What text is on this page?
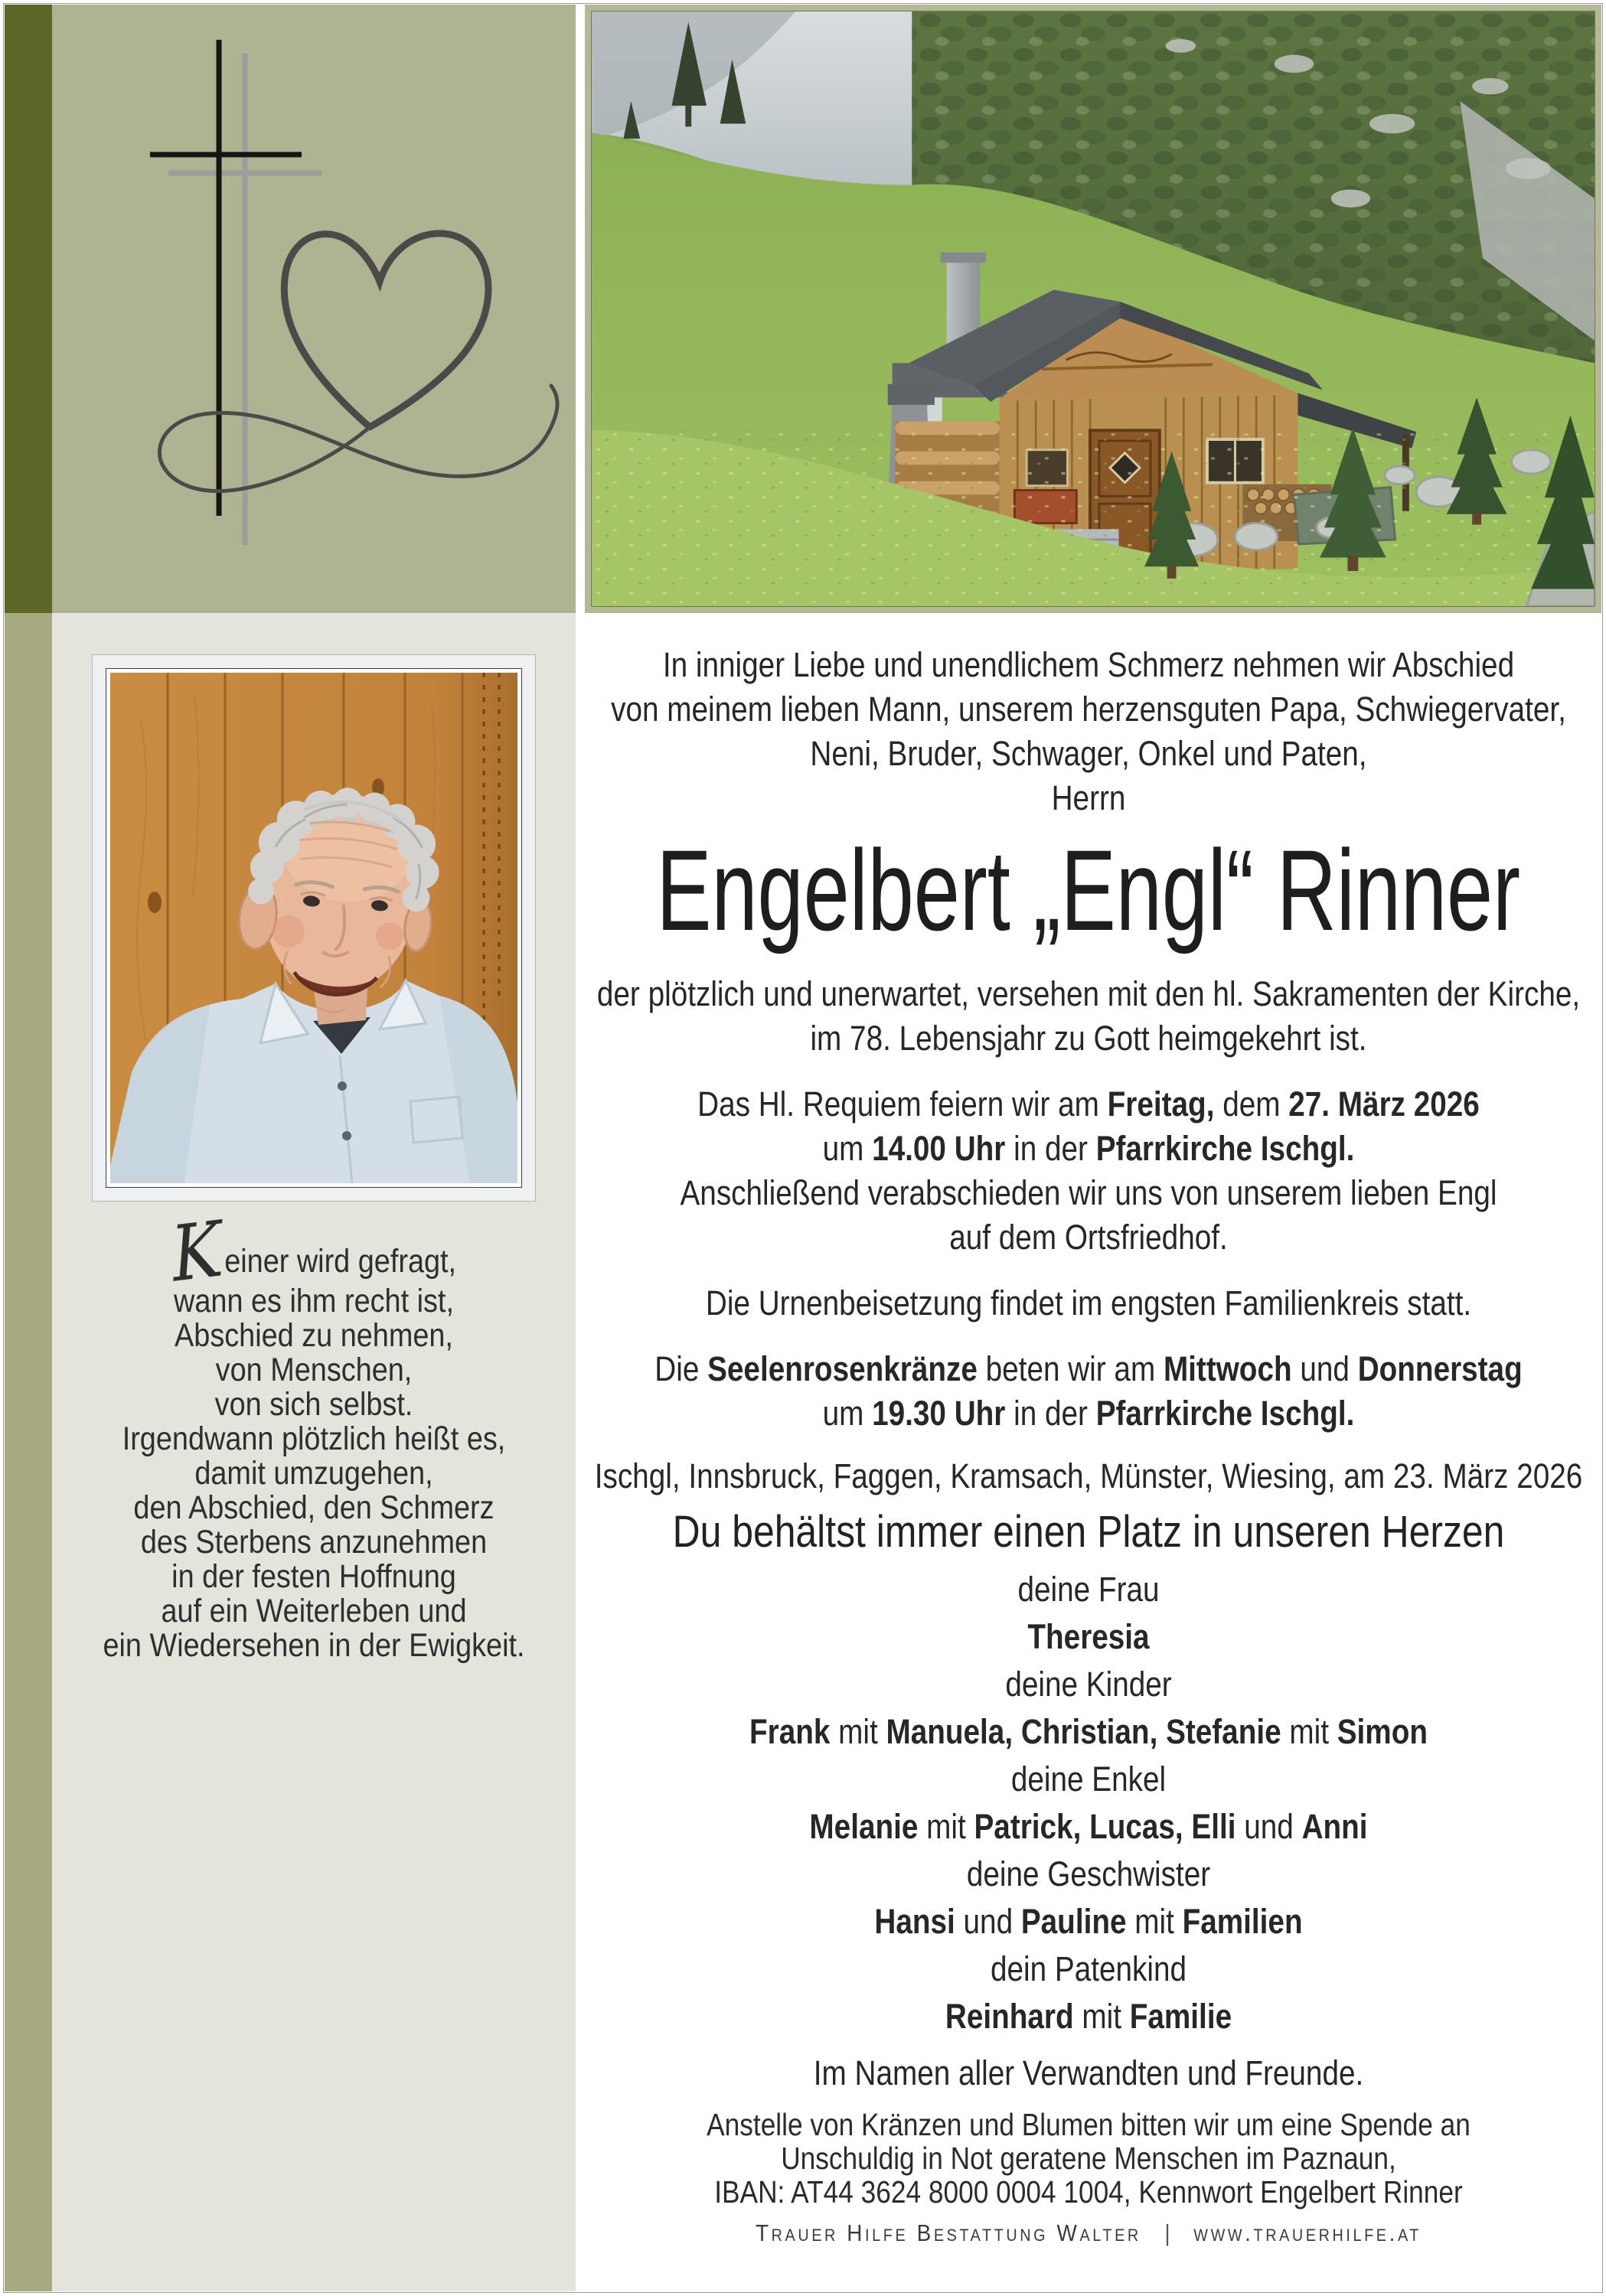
K
einer wird gefragt,
wann es ihm recht ist,
Abschied zu nehmen,
von Menschen,
von sich selbst.
Irgendwann plötzlich heißt es,
damit umzugehen,
den Abschied, den Schmerz
des Sterbens anzunehmen
in der festen Hoffnung
auf ein Weiterleben und
ein Wiedersehen in der Ewigkeit.
In inniger Liebe und unendlichem Schmerz nehmen wir Abschied
von meinem lieben Mann, unserem herzensguten Papa, Schwiegervater,
Neni, Bruder, Schwager, Onkel und Paten,
Herrn
Engelbert „Engl“ Rinner
der plötzlich und unerwartet, versehen mit den hl. Sakramenten der Kirche,
im 78. Lebensjahr zu Gott heimgekehrt ist.
Das Hl. Requiem feiern wir am Freitag, dem 27. März 2026
um 14.00 Uhr in der Pfarrkirche Ischgl.
Anschließend verabschieden wir uns von unserem lieben Engl
auf dem Ortsfriedhof.
Die Urnenbeisetzung findet im engsten Familienkreis statt.
Die Seelenrosenkränze beten wir am Mittwoch und Donnerstag
um 19.30 Uhr in der Pfarrkirche Ischgl.
Ischgl, Innsbruck, Faggen, Kramsach, Münster, Wiesing, am 23. März 2026
Du behältst immer einen Platz in unseren Herzen
deine Frau
Theresia
deine Kinder
Frank mit Manuela, Christian, Stefanie mit Simon
deine Enkel
Melanie mit Patrick, Lucas, Elli und Anni
deine Geschwister
Hansi und Pauline mit Familien
dein Patenkind
Reinhard mit Familie
Im Namen aller Verwandten und Freunde.
Anstelle von Kränzen und Blumen bitten wir um eine Spende an
Unschuldig in Not geratene Menschen im Paznaun,
IBAN: AT44 3624 8000 0004 1004, Kennwort Engelbert Rinner
Trauer Hilfe Bestattung Walter | www.trauerhilfe.at
